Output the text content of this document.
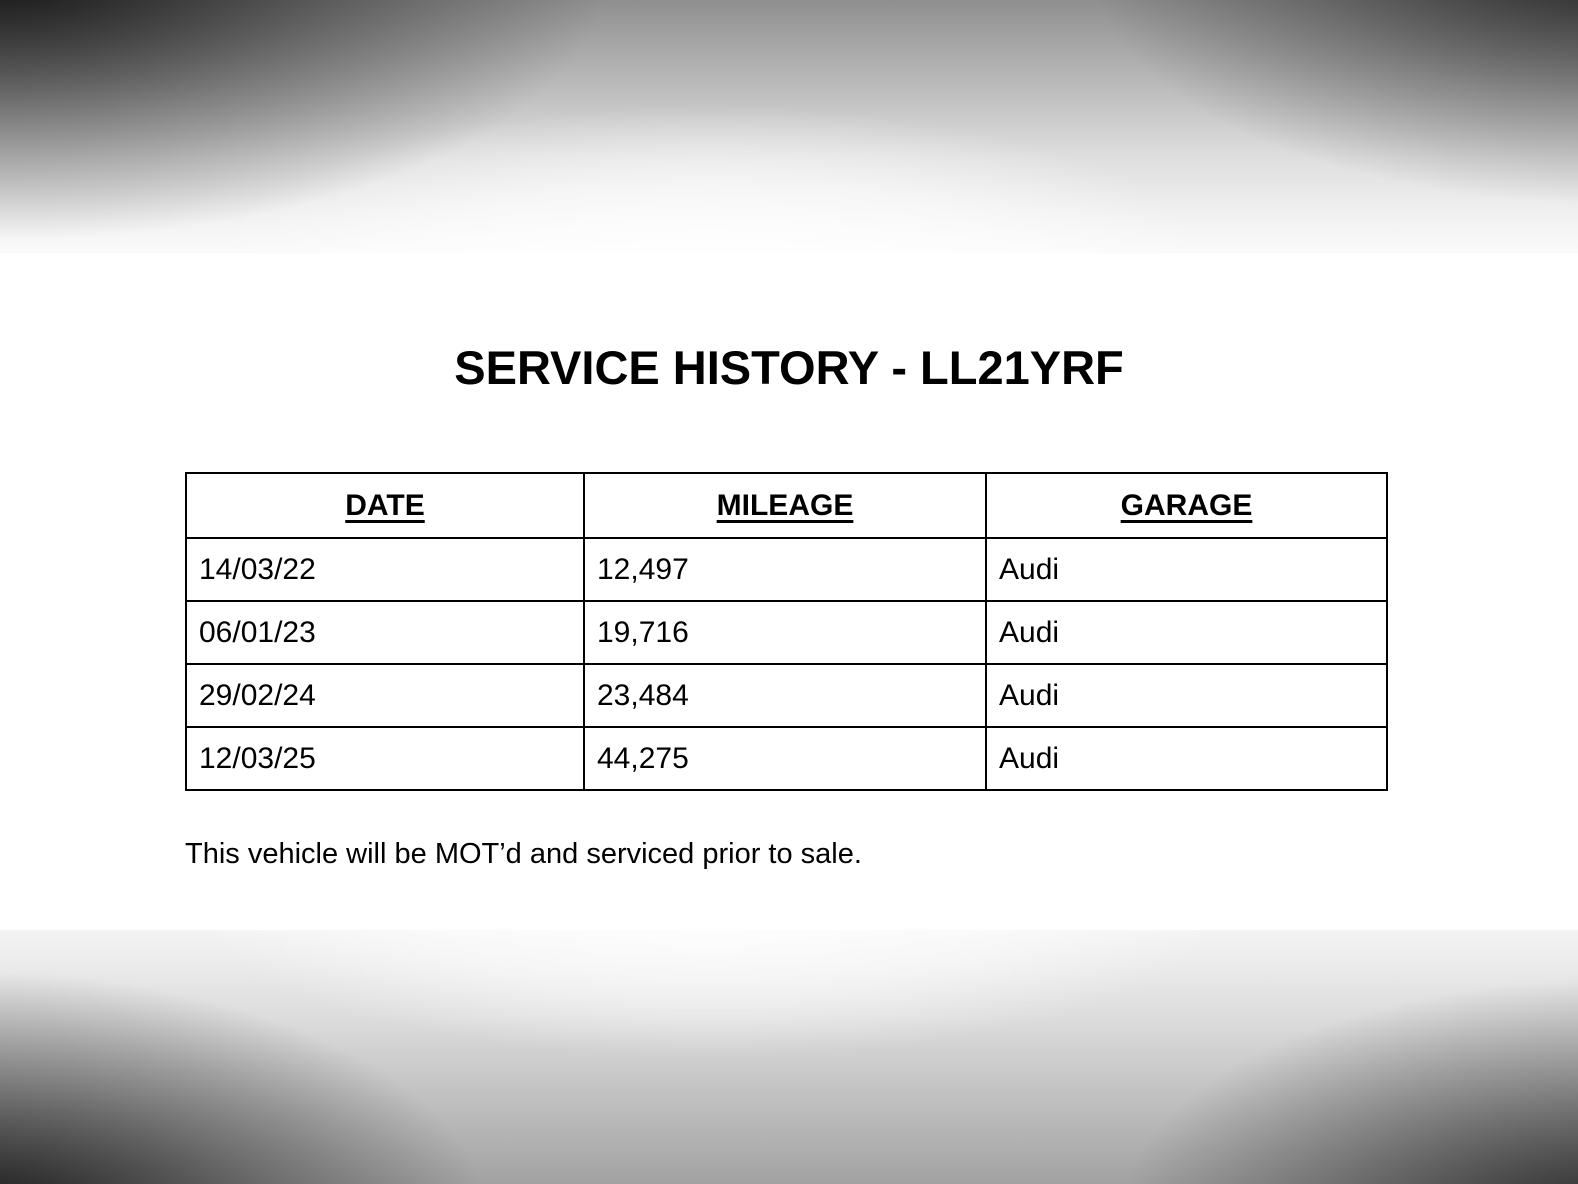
SERVICE HISTORY - LL21YRF
DATE	MILEAGE	GARAGE
14/03/22	12,497	Audi
06/01/23	19,716	Audi
29/02/24	23,484	Audi
12/03/25	44,275	Audi

This vehicle will be MOT’d and serviced prior to sale.
